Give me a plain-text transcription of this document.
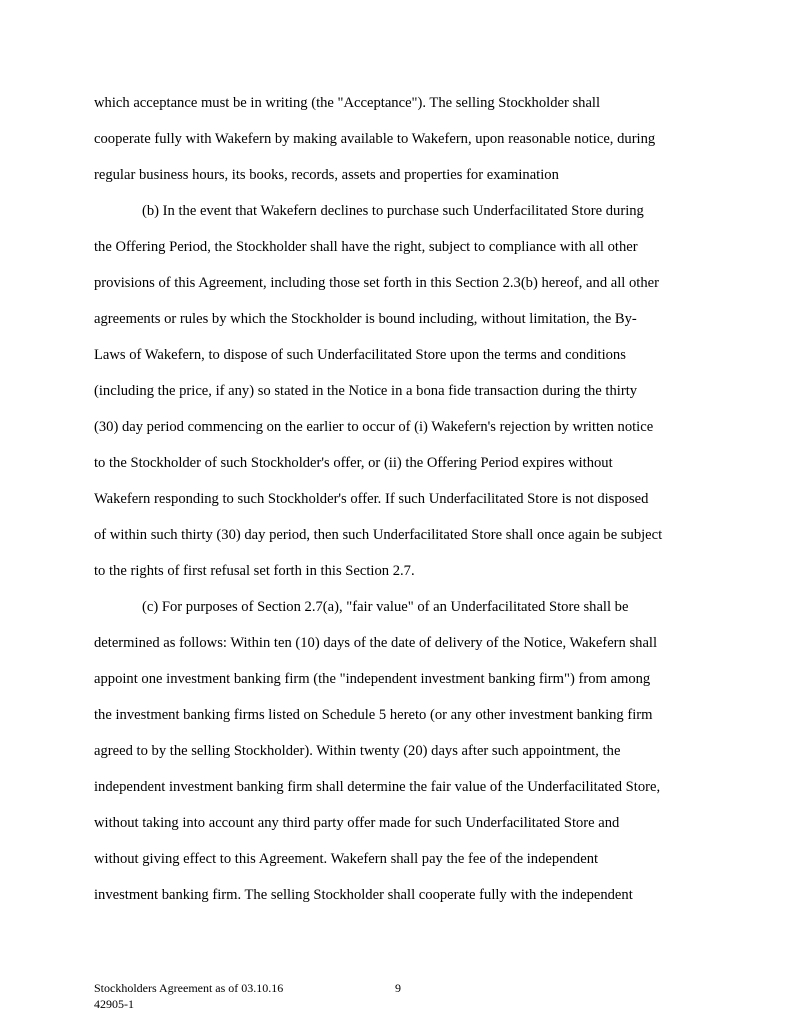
which acceptance must be in writing (the "Acceptance"). The selling Stockholder shall
cooperate fully with Wakefern by making available to Wakefern, upon reasonable notice, during
regular business hours, its books, records, assets and properties for examination
(b) In the event that Wakefern declines to purchase such Underfacilitated Store during
the Offering Period, the Stockholder shall have the right, subject to compliance with all other
provisions of this Agreement, including those set forth in this Section 2.3(b) hereof, and all other
agreements or rules by which the Stockholder is bound including, without limitation, the By-
Laws of Wakefern, to dispose of such Underfacilitated Store upon the terms and conditions
(including the price, if any) so stated in the Notice in a bona fide transaction during the thirty
(30) day period commencing on the earlier to occur of (i) Wakefern's rejection by written notice
to the Stockholder of such Stockholder's offer, or (ii) the Offering Period expires without
Wakefern responding to such Stockholder's offer. If such Underfacilitated Store is not disposed
of within such thirty (30) day period, then such Underfacilitated Store shall once again be subject
to the rights of first refusal set forth in this Section 2.7.
(c) For purposes of Section 2.7(a), "fair value" of an Underfacilitated Store shall be
determined as follows: Within ten (10) days of the date of delivery of the Notice, Wakefern shall
appoint one investment banking firm (the "independent investment banking firm") from among
the investment banking firms listed on Schedule 5 hereto (or any other investment banking firm
agreed to by the selling Stockholder). Within twenty (20) days after such appointment, the
independent investment banking firm shall determine the fair value of the Underfacilitated Store,
without taking into account any third party offer made for such Underfacilitated Store and
without giving effect to this Agreement. Wakefern shall pay the fee of the independent
investment banking firm. The selling Stockholder shall cooperate fully with the independent
Stockholders Agreement as of 03.10.16	9
42905-1
